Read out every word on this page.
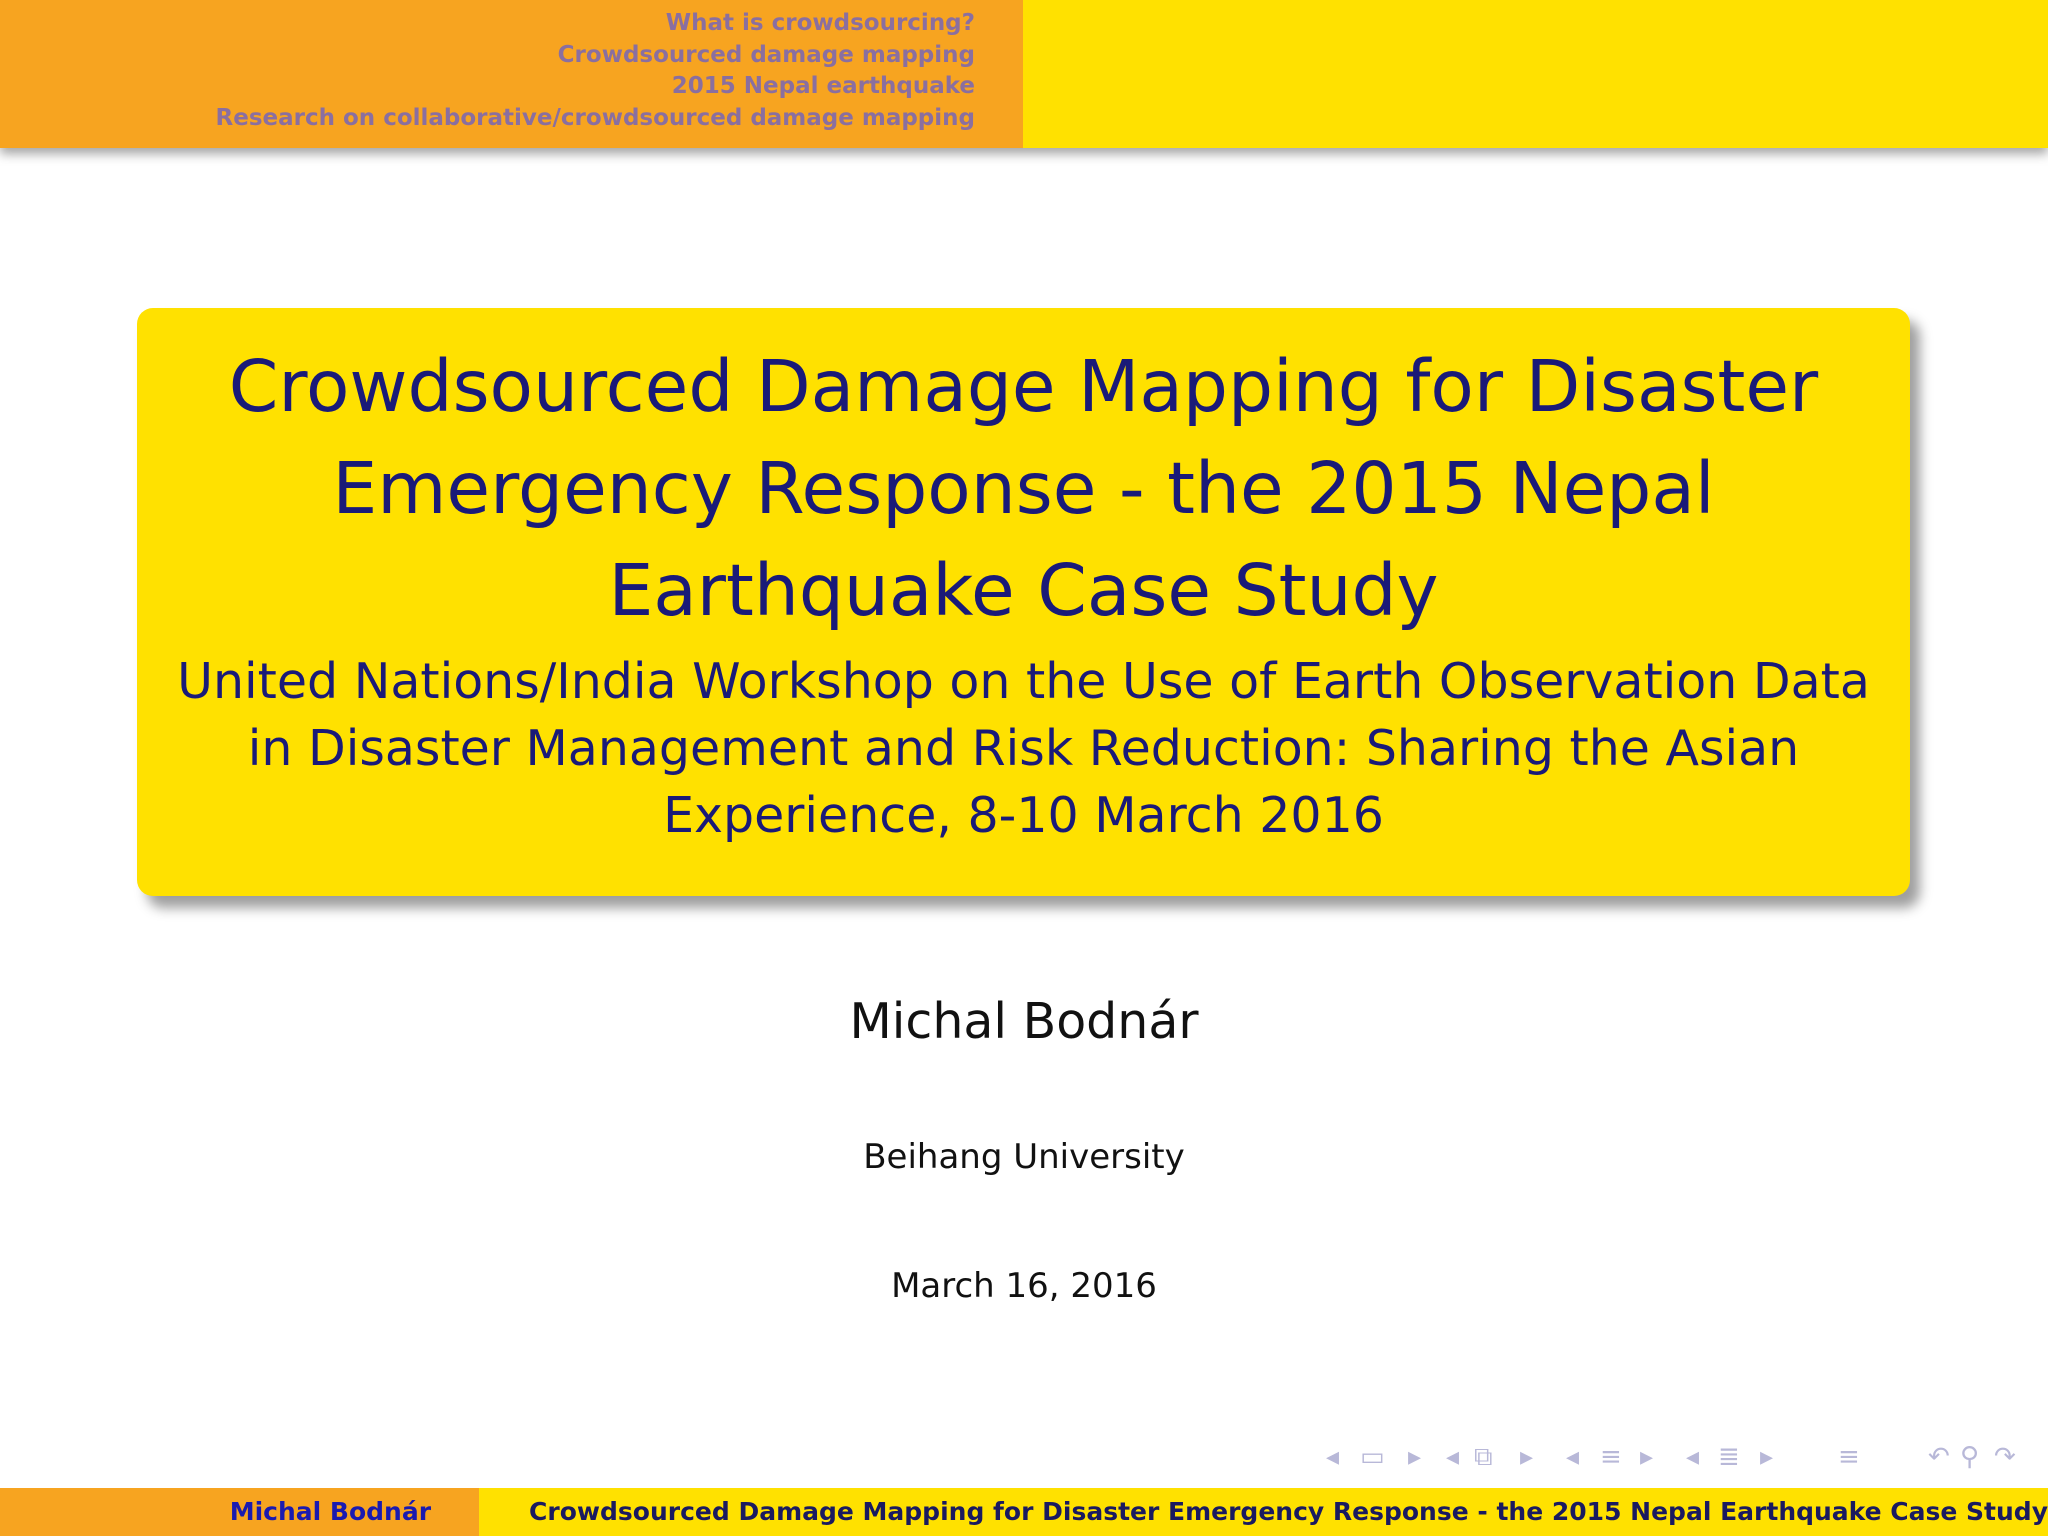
What is crowdsourcing?
Crowdsourced damage mapping
2015 Nepal earthquake
Research on collaborative/crowdsourced damage mapping
Crowdsourced Damage Mapping for Disaster Emergency Response - the 2015 Nepal Earthquake Case Study
United Nations/India Workshop on the Use of Earth Observation Data in Disaster Management and Risk Reduction: Sharing the Asian Experience, 8-10 March 2016
Michal Bodnár
Beihang University
March 16, 2016
◂ ▭ ▸ ◂ ⧉ ▸ ◂ ≡ ▸ ◂ ≣ ▸ ≡	↶ ⚲ ↷
Michal Bodnár	Crowdsourced Damage Mapping for Disaster Emergency Response - the 2015 Nepal Earthquake Case Study
